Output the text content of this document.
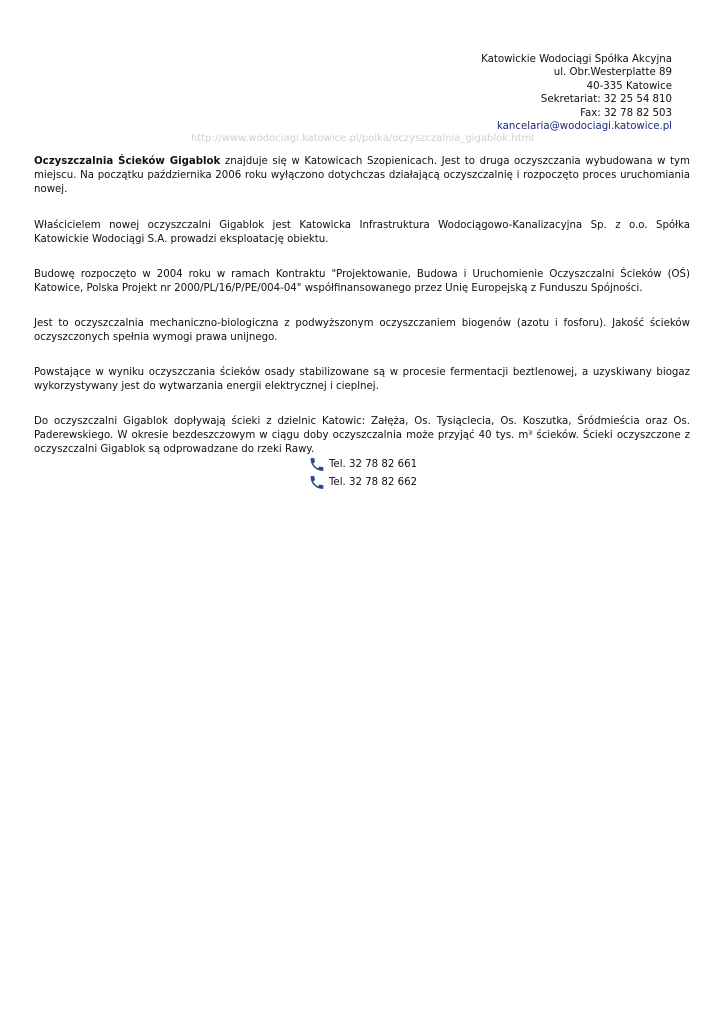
Katowickie Wodociągi Spółka Akcyjna
ul. Obr.Westerplatte 89
40-335 Katowice
Sekretariat: 32 25 54 810
Fax: 32 78 82 503
kancelaria@wodociagi.katowice.pl
http://www.wodociagi.katowice.pl/polka/oczyszczalnia_gigablok.html

Oczyszczalnia Ścieków Gigablok znajduje się w Katowicach Szopienicach. Jest to druga oczyszczania wybudowana w tym miejscu. Na początku października 2006 roku wyłączono dotychczas działającą oczyszczalnię i rozpoczęto proces uruchomiania nowej.

Właścicielem nowej oczyszczalni Gigablok jest Katowicka Infrastruktura Wodociągowo-Kanalizacyjna Sp. z o.o. Spółka Katowickie Wodociągi S.A. prowadzi eksploatację obiektu.

Budowę rozpoczęto w 2004 roku w ramach Kontraktu "Projektowanie, Budowa i Uruchomienie Oczyszczalni Ścieków (OŚ) Katowice, Polska Projekt nr 2000/PL/16/P/PE/004-04" współfinansowanego przez Unię Europejską z Funduszu Spójności.

Jest to oczyszczalnia mechaniczno-biologiczna z podwyższonym oczyszczaniem biogenów (azotu i fosforu). Jakość ścieków oczyszczonych spełnia wymogi prawa unijnego.

Powstające w wyniku oczyszczania ścieków osady stabilizowane są w procesie fermentacji beztlenowej, a uzyskiwany biogaz wykorzystywany jest do wytwarzania energii elektrycznej i cieplnej.

Do oczyszczalni Gigablok dopływają ścieki z dzielnic Katowic: Załęża, Os. Tysiąclecia, Os. Koszutka, Śródmieścia oraz Os. Paderewskiego. W okresie bezdeszczowym w ciągu doby oczyszczalnia może przyjąć 40 tys. m³ ścieków. Ścieki oczyszczone z oczyszczalni Gigablok są odprowadzane do rzeki Rawy.

Tel. 32 78 82 661
Tel. 32 78 82 662
